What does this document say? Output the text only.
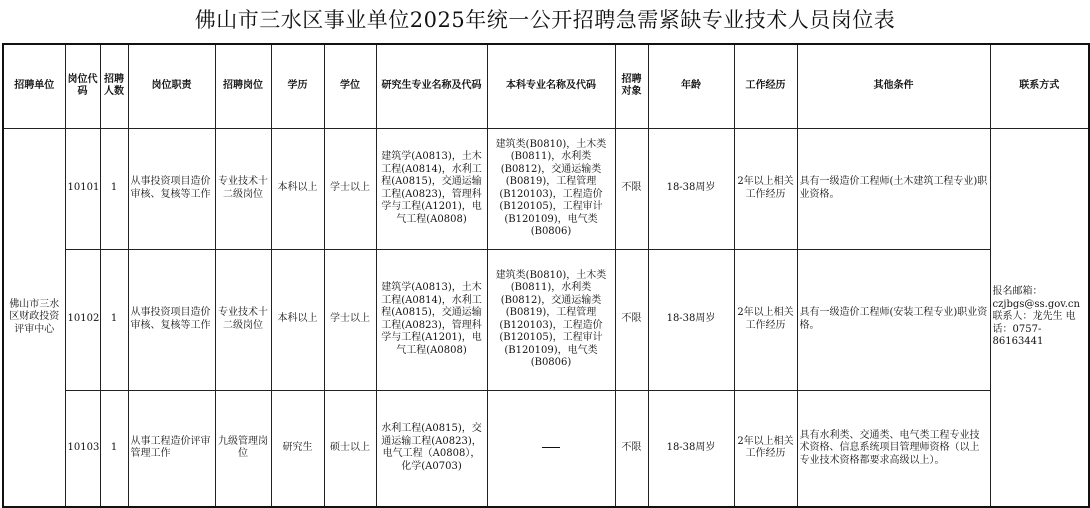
佛山市三水区事业单位2025年统一公开招聘急需紧缺专业技术人员岗位表
招聘单位	岗位代码	招聘人数	岗位职责	招聘岗位	学历	学位	研究生专业名称及代码	本科专业名称及代码	招聘对象	年龄	工作经历	其他条件	联系方式
佛山市三水区财政投资评审中心	10101	1	从事投资项目造价审核、复核等工作	专业技术十二级岗位	本科以上	学士以上	建筑学(A0813)，土木工程(A0814)，水利工程(A0815)，交通运输工程(A0823)，管理科学与工程(A1201)，电气工程(A0808)	建筑类(B0810)，土木类(B0811)，水利类(B0812)，交通运输类(B0819)，工程管理(B120103)，工程造价(B120105)，工程审计(B120109)，电气类(B0806)	不限	18-38周岁	2年以上相关工作经历	具有一级造价工程师(土木建筑工程专业)职业资格。	报名邮箱：czjbgs@ss.gov.cn 联系人：龙先生 电话：0757-86163441
	10102	1	从事投资项目造价审核、复核等工作	专业技术十二级岗位	本科以上	学士以上	建筑学(A0813)，土木工程(A0814)，水利工程(A0815)，交通运输工程(A0823)，管理科学与工程(A1201)，电气工程(A0808)	建筑类(B0810)，土木类(B0811)，水利类(B0812)，交通运输类(B0819)，工程管理(B120103)，工程造价(B120105)，工程审计(B120109)，电气类(B0806)	不限	18-38周岁	2年以上相关工作经历	具有一级造价工程师(安装工程专业)职业资格。	
	10103	1	从事工程造价评审管理工作	九级管理岗位	研究生	硕士以上	水利工程(A0815)，交通运输工程(A0823)，电气工程（A0808），化学(A0703)		不限	18-38周岁	2年以上相关工作经历	具有水利类、交通类、电气类工程专业技术资格、信息系统项目管理师资格（以上专业技术资格都要求高级以上）。	
